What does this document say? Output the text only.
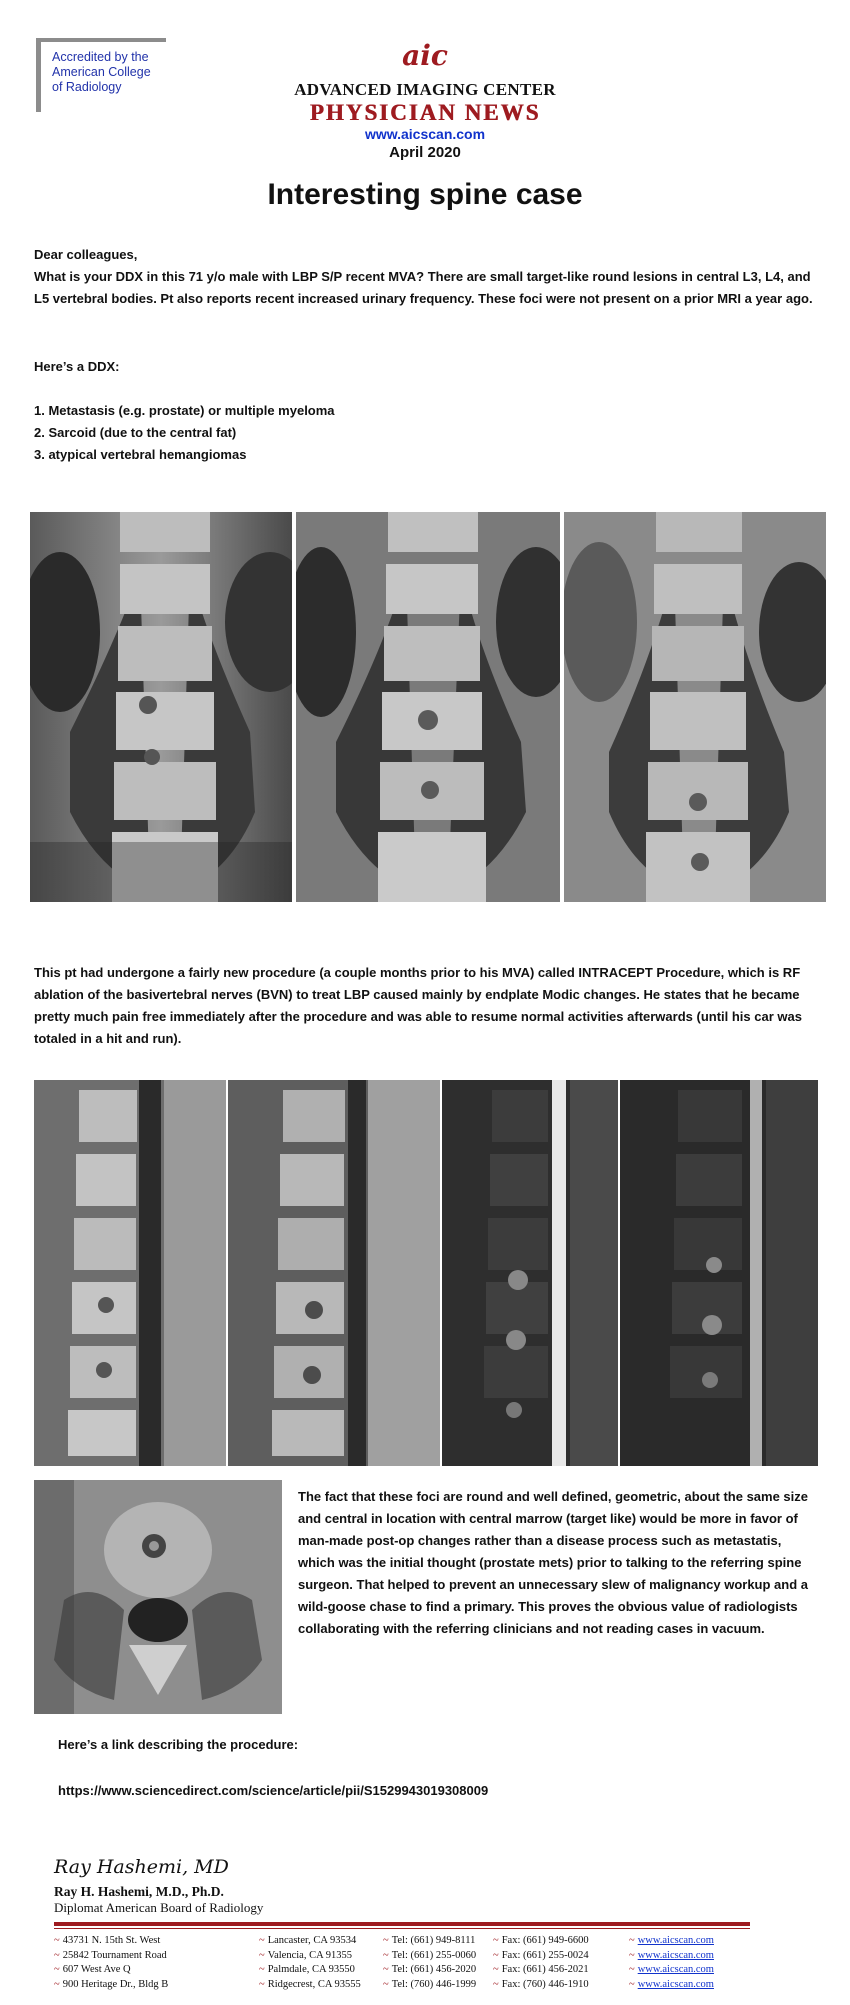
Accredited by the American College of Radiology
aic
ADVANCED IMAGING CENTER
PHYSICIAN NEWS
www.aicscan.com
April 2020
Interesting spine case
Dear colleagues,
What is your DDX in this 71 y/o male with LBP S/P recent MVA? There are small target-like round lesions in central L3, L4, and L5 vertebral bodies. Pt also reports recent increased urinary frequency. These foci were not present on a prior MRI a year ago.
Here’s a DDX:
1. Metastasis (e.g. prostate) or multiple myeloma
2. Sarcoid (due to the central fat)
3. atypical vertebral hemangiomas
This pt had undergone a fairly new procedure (a couple months prior to his MVA) called INTRACEPT Procedure, which is RF ablation of the basivertebral nerves (BVN) to treat LBP caused mainly by endplate Modic changes. He states that he became pretty much pain free immediately after the procedure and was able to resume normal activities afterwards (until his car was totaled in a hit and run).
The fact that these foci are round and well defined, geometric, about the same size and central in location with central marrow (target like) would be more in favor of man-made post-op changes rather than a disease process such as metastatis, which was the initial thought (prostate mets) prior to talking to the referring spine surgeon. That helped to prevent an unnecessary slew of malignancy workup and a wild-goose chase to find a primary. This proves the obvious value of radiologists collaborating with the referring clinicians and not reading cases in vacuum.
Here’s a link describing the procedure:
https://www.sciencedirect.com/science/article/pii/S1529943019308009
Ray Hashemi, MD
Ray H. Hashemi, M.D., Ph.D.
Diplomat American Board of Radiology
~ 43731 N. 15th St. West	~ Lancaster, CA 93534	~ Tel: (661) 949-8111	~ Fax: (661) 949-6600	~ www.aicscan.com
~ 25842 Tournament Road	~ Valencia, CA 91355	~ Tel: (661) 255-0060	~ Fax: (661) 255-0024	~ www.aicscan.com
~ 607 West Ave Q	~ Palmdale, CA 93550	~ Tel: (661) 456-2020	~ Fax: (661) 456-2021	~ www.aicscan.com
~ 900 Heritage Dr., Bldg B	~ Ridgecrest, CA 93555	~ Tel: (760) 446-1999	~ Fax: (760) 446-1910	~ www.aicscan.com
